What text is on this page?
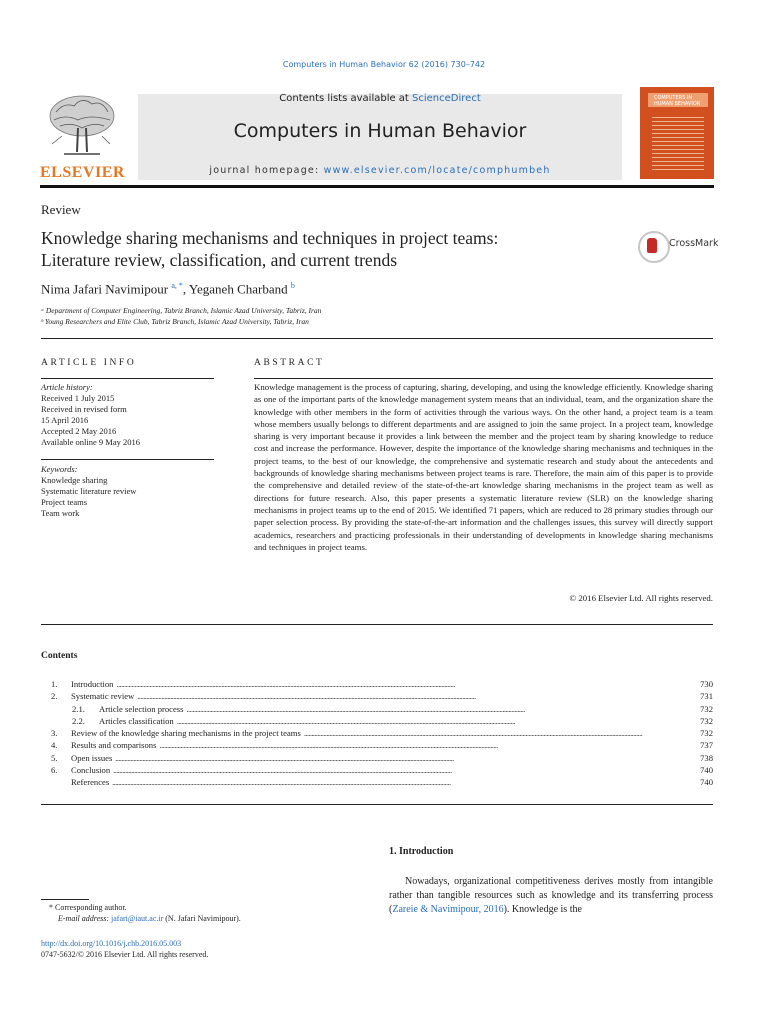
Computers in Human Behavior 62 (2016) 730–742
ELSEVIER
Contents lists available at ScienceDirect
Computers in Human Behavior
journal homepage: www.elsevier.com/locate/comphumbeh
COMPUTERS IN HUMAN BEHAVIOR
Review
Knowledge sharing mechanisms and techniques in project teams:
Literature review, classification, and current trends
CrossMark
Nima Jafari Navimipour $^{a, *}$, Yeganeh Charband $^b$
ᵃ Department of Computer Engineering, Tabriz Branch, Islamic Azad University, Tabriz, Iran
ᵇ Young Researchers and Elite Club, Tabriz Branch, Islamic Azad University, Tabriz, Iran
ARTICLE INFO
Article history:
Received 1 July 2015
Received in revised form
15 April 2016
Accepted 2 May 2016
Available online 9 May 2016
Keywords:
Knowledge sharing
Systematic literature review
Project teams
Team work
ABSTRACT
Knowledge management is the process of capturing, sharing, developing, and using the knowledge efficiently. Knowledge sharing as one of the important parts of the knowledge management system means that an individual, team, and the organization share the knowledge with other members in the form of activities through the various ways. On the other hand, a project team is a team whose members usually belongs to different departments and are assigned to join the same project. In a project team, knowledge sharing is very important because it provides a link between the member and the project team by sharing knowledge to reduce cost and increase the performance. However, despite the importance of the knowledge sharing mechanisms and techniques in the project teams, to the best of our knowledge, the comprehensive and systematic research and study about the antecedents and backgrounds of knowledge sharing mechanisms between project teams is rare. Therefore, the main aim of this paper is to provide the comprehensive and detailed review of the state-of-the-art knowledge sharing mechanisms in the project team as well as directions for future research. Also, this paper presents a systematic literature review (SLR) on the knowledge sharing mechanisms in project teams up to the end of 2015. We identified 71 papers, which are reduced to 28 primary studies through our paper selection process. By providing the state-of-the-art information and the challenges issues, this survey will directly support academics, researchers and practicing professionals in their understanding of developments in knowledge sharing mechanisms and techniques in project teams.
© 2016 Elsevier Ltd. All rights reserved.
Contents
1.	Introduction . . .	730
2.	Systematic review . . .	731
2.1.	Article selection process . . .	732
2.2.	Articles classification . . .	732
3.	Review of the knowledge sharing mechanisms in the project teams . . .	732
4.	Results and comparisons . . .	737
5.	Open issues . . .	738
6.	Conclusion . . .	740
References . . .	740
1. Introduction
Nowadays, organizational competitiveness derives mostly from intangible rather than tangible resources such as knowledge and its transferring process (Zareie & Navimipour, 2016). Knowledge is the
* Corresponding author.
E-mail address: jafari@iaut.ac.ir (N. Jafari Navimipour).
http://dx.doi.org/10.1016/j.chb.2016.05.003
0747-5632/© 2016 Elsevier Ltd. All rights reserved.
